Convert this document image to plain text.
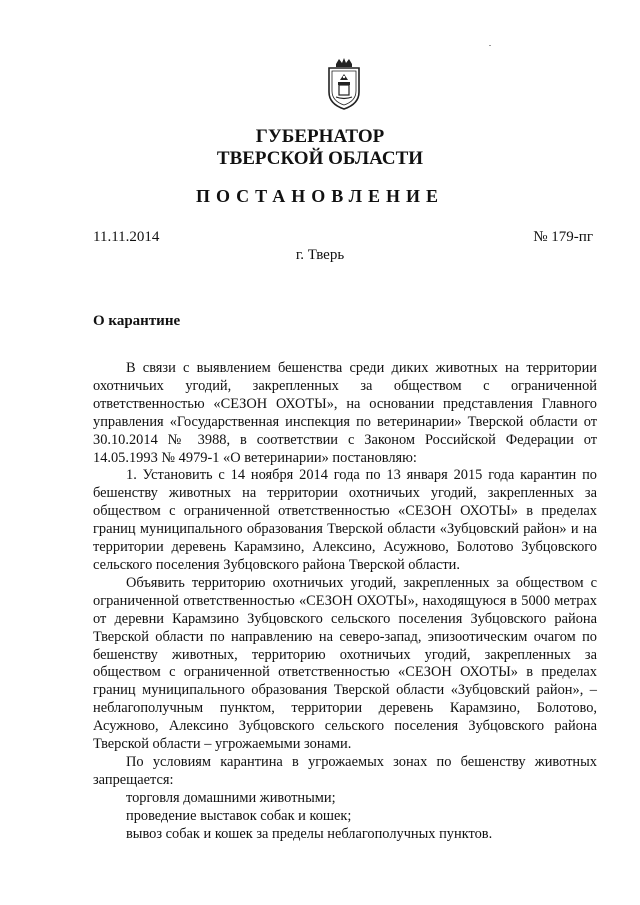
ГУБЕРНАТОР
ТВЕРСКОЙ ОБЛАСТИ
ПОСТАНОВЛЕНИЕ
11.11.2014	№ 179-пг
г. Тверь
О карантине

В связи с выявлением бешенства среди диких животных на территории охотничьих угодий, закрепленных за обществом с ограниченной ответственностью «СЕЗОН ОХОТЫ», на основании представления Главного управления «Государственная инспекция по ветеринарии» Тверской области от 30.10.2014 № 3988, в соответствии с Законом Российской Федерации от 14.05.1993 № 4979-1 «О ветеринарии» постановляю:

1. Установить с 14 ноября 2014 года по 13 января 2015 года карантин по бешенству животных на территории охотничьих угодий, закрепленных за обществом с ограниченной ответственностью «СЕЗОН ОХОТЫ» в пределах границ муниципального образования Тверской области «Зубцовский район» и на территории деревень Карамзино, Алексино, Асужново, Болотово Зубцовского сельского поселения Зубцовского района Тверской области.

Объявить территорию охотничьих угодий, закрепленных за обществом с ограниченной ответственностью «СЕЗОН ОХОТЫ», находящуюся в 5000 метрах от деревни Карамзино Зубцовского сельского поселения Зубцовского района Тверской области по направлению на северо-запад, эпизоотическим очагом по бешенству животных, территорию охотничьих угодий, закрепленных за обществом с ограниченной ответственностью «СЕЗОН ОХОТЫ» в пределах границ муниципального образования Тверской области «Зубцовский район», – неблагополучным пунктом, территории деревень Карамзино, Болотово, Асужново, Алексино Зубцовского сельского поселения Зубцовского района Тверской области – угрожаемыми зонами.

По условиям карантина в угрожаемых зонах по бешенству животных запрещается:

торговля домашними животными;

проведение выставок собак и кошек;

вывоз собак и кошек за пределы неблагополучных пунктов.
